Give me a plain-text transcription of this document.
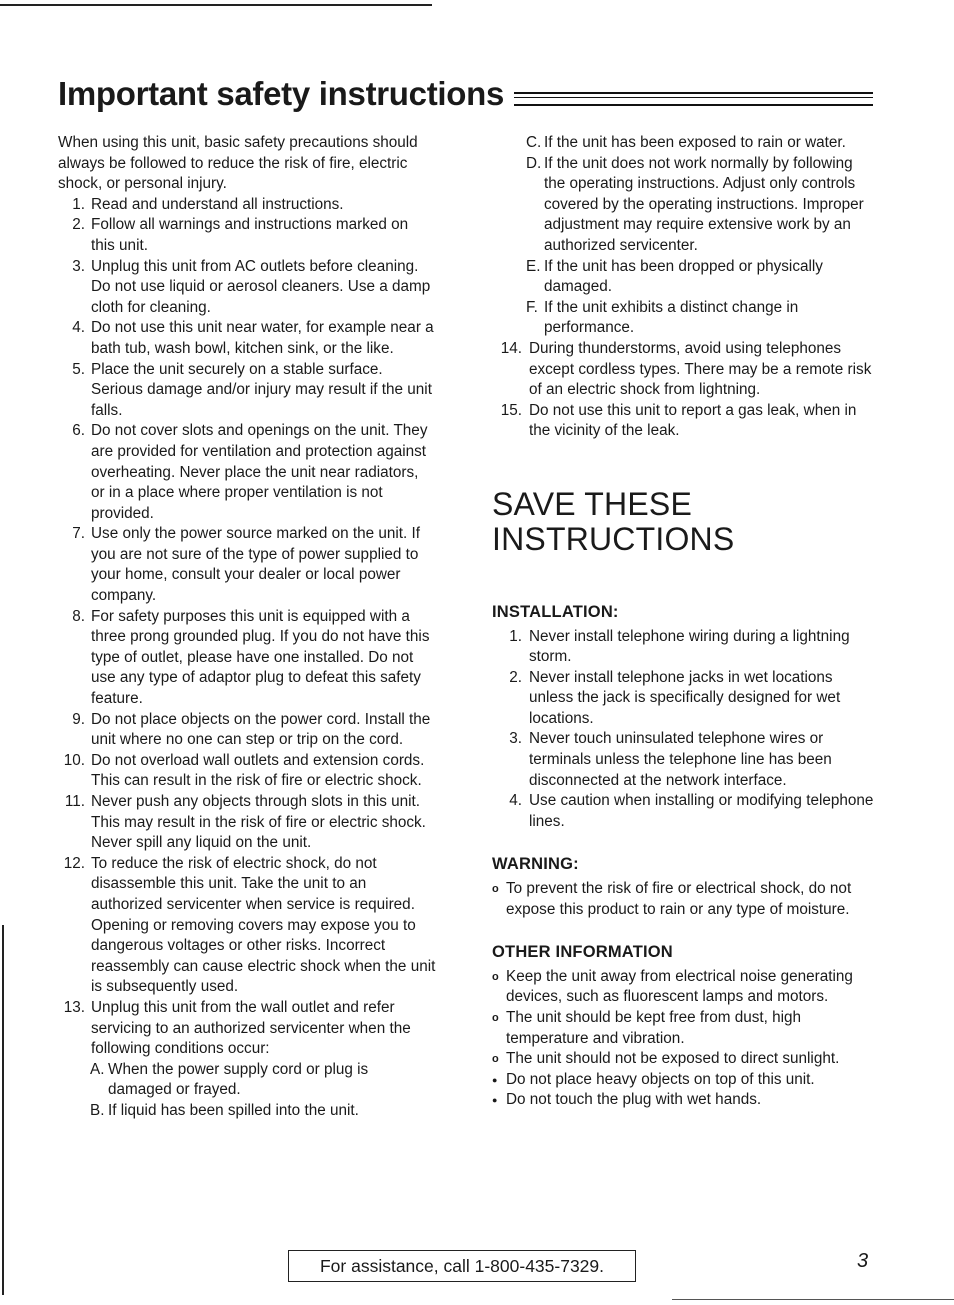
Important safety instructions

When using this unit, basic safety precautions should always be followed to reduce the risk of fire, electric shock, or personal injury.

1. Read and understand all instructions.
2. Follow all warnings and instructions marked on this unit.
3. Unplug this unit from AC outlets before cleaning. Do not use liquid or aerosol cleaners. Use a damp cloth for cleaning.
4. Do not use this unit near water, for example near a bath tub, wash bowl, kitchen sink, or the like.
5. Place the unit securely on a stable surface. Serious damage and/or injury may result if the unit falls.
6. Do not cover slots and openings on the unit. They are provided for ventilation and protection against overheating. Never place the unit near radiators, or in a place where proper ventilation is not provided.
7. Use only the power source marked on the unit. If you are not sure of the type of power supplied to your home, consult your dealer or local power company.
8. For safety purposes this unit is equipped with a three prong grounded plug. If you do not have this type of outlet, please have one installed. Do not use any type of adaptor plug to defeat this safety feature.
9. Do not place objects on the power cord. Install the unit where no one can step or trip on the cord.
10. Do not overload wall outlets and extension cords. This can result in the risk of fire or electric shock.
11. Never push any objects through slots in this unit. This may result in the risk of fire or electric shock. Never spill any liquid on the unit.
12. To reduce the risk of electric shock, do not disassemble this unit. Take the unit to an authorized servicenter when service is required. Opening or removing covers may expose you to dangerous voltages or other risks. Incorrect reassembly can cause electric shock when the unit is subsequently used.
13. Unplug this unit from the wall outlet and refer servicing to an authorized servicenter when the following conditions occur:
A. When the power supply cord or plug is damaged or frayed.
B. If liquid has been spilled into the unit.
C. If the unit has been exposed to rain or water.
D. If the unit does not work normally by following the operating instructions. Adjust only controls covered by the operating instructions. Improper adjustment may require extensive work by an authorized servicenter.
E. If the unit has been dropped or physically damaged.
F. If the unit exhibits a distinct change in performance.
14. During thunderstorms, avoid using telephones except cordless types. There may be a remote risk of an electric shock from lightning.
15. Do not use this unit to report a gas leak, when in the vicinity of the leak.
SAVE THESE INSTRUCTIONS
INSTALLATION:
1. Never install telephone wiring during a lightning storm.
2. Never install telephone jacks in wet locations unless the jack is specifically designed for wet locations.
3. Never touch uninsulated telephone wires or terminals unless the telephone line has been disconnected at the network interface.
4. Use caution when installing or modifying telephone lines.
WARNING:
o
To prevent the risk of fire or electrical shock, do not expose this product to rain or any type of moisture.
OTHER INFORMATION
o
Keep the unit away from electrical noise generating devices, such as fluorescent lamps and motors.
o
The unit should be kept free from dust, high temperature and vibration.
o
The unit should not be exposed to direct sunlight.
●
Do not place heavy objects on top of this unit.
●
Do not touch the plug with wet hands.
For assistance, call 1-800-435-7329.	3
